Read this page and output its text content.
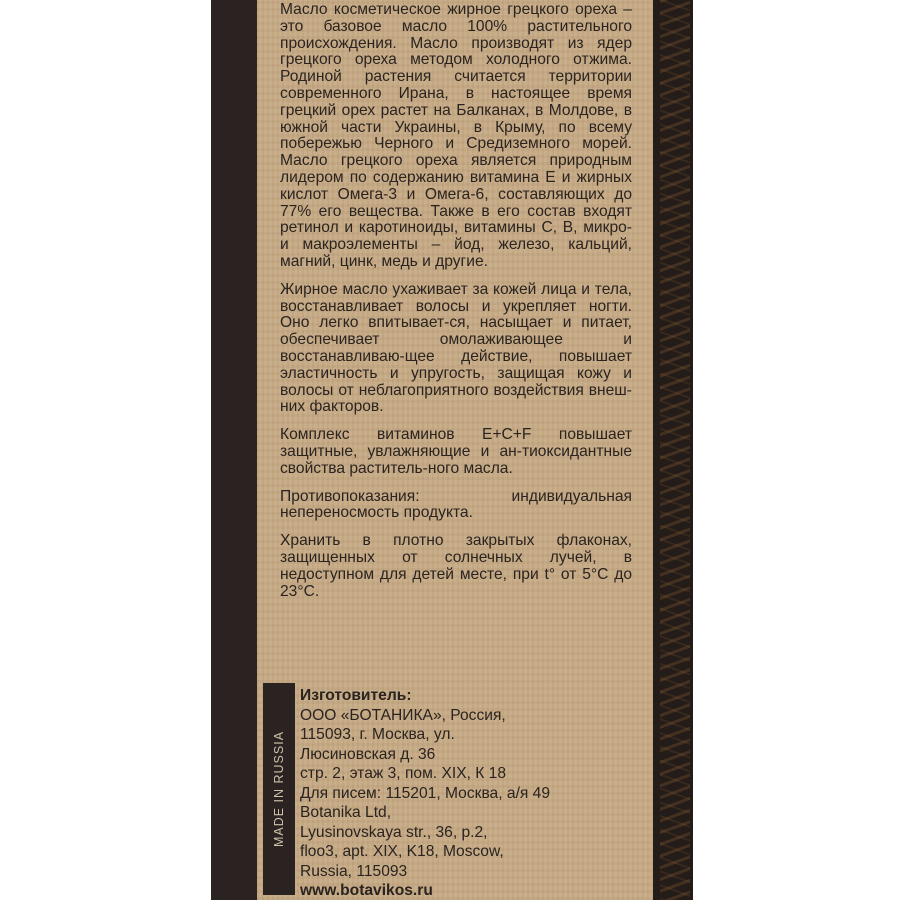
Масло косметическое жирное грецкого ореха – это базовое масло 100% растительного происхождения. Масло производят из ядер грецкого ореха методом холодного отжима. Родиной растения считается территории современного Ирана, в настоящее время грецкий орех растет на Балканах, в Молдове, в южной части Украины, в Крыму, по всему побережью Черного и Средиземного морей. Масло грецкого ореха является природным лидером по содержанию витамина Е и жирных кислот Омега-3 и Омега-6, составляющих до 77% его вещества. Также в его состав входят ретинол и каротиноиды, витамины С, В, микро- и макроэлементы – йод, железо, кальций, магний, цинк, медь и другие.

Жирное масло ухаживает за кожей лица и тела, восстанавливает волосы и укрепляет ногти. Оно легко впитывает-ся, насыщает и питает, обеспечивает омолаживающее и восстанавливаю-щее действие, повышает эластичность и упругость, защищая кожу и волосы от неблагоприятного воздействия внеш-них факторов.

Комплекс витаминов E+C+F повышает защитные, увлажняющие и ан-тиоксидантные свойства раститель-ного масла.

Противопоказания: индивидуальная непереносмость продукта.

Хранить в плотно закрытых флаконах, защищенных от солнечных лучей, в недоступном для детей месте, при t° от 5°С до 23°С.

MADE IN RUSSIA
Изготовитель:
ООО «БОТАНИКА», Россия,
115093, г. Москва, ул.
Люсиновская д. 36
стр. 2, этаж 3, пом. XIX, К 18
Для писем: 115201, Москва, а/я 49
Botanika Ltd,
Lyusinovskaya str., 36, p.2,
floo3, apt. XIX, K18, Moscow,
Russia, 115093
www.botavikos.ru
